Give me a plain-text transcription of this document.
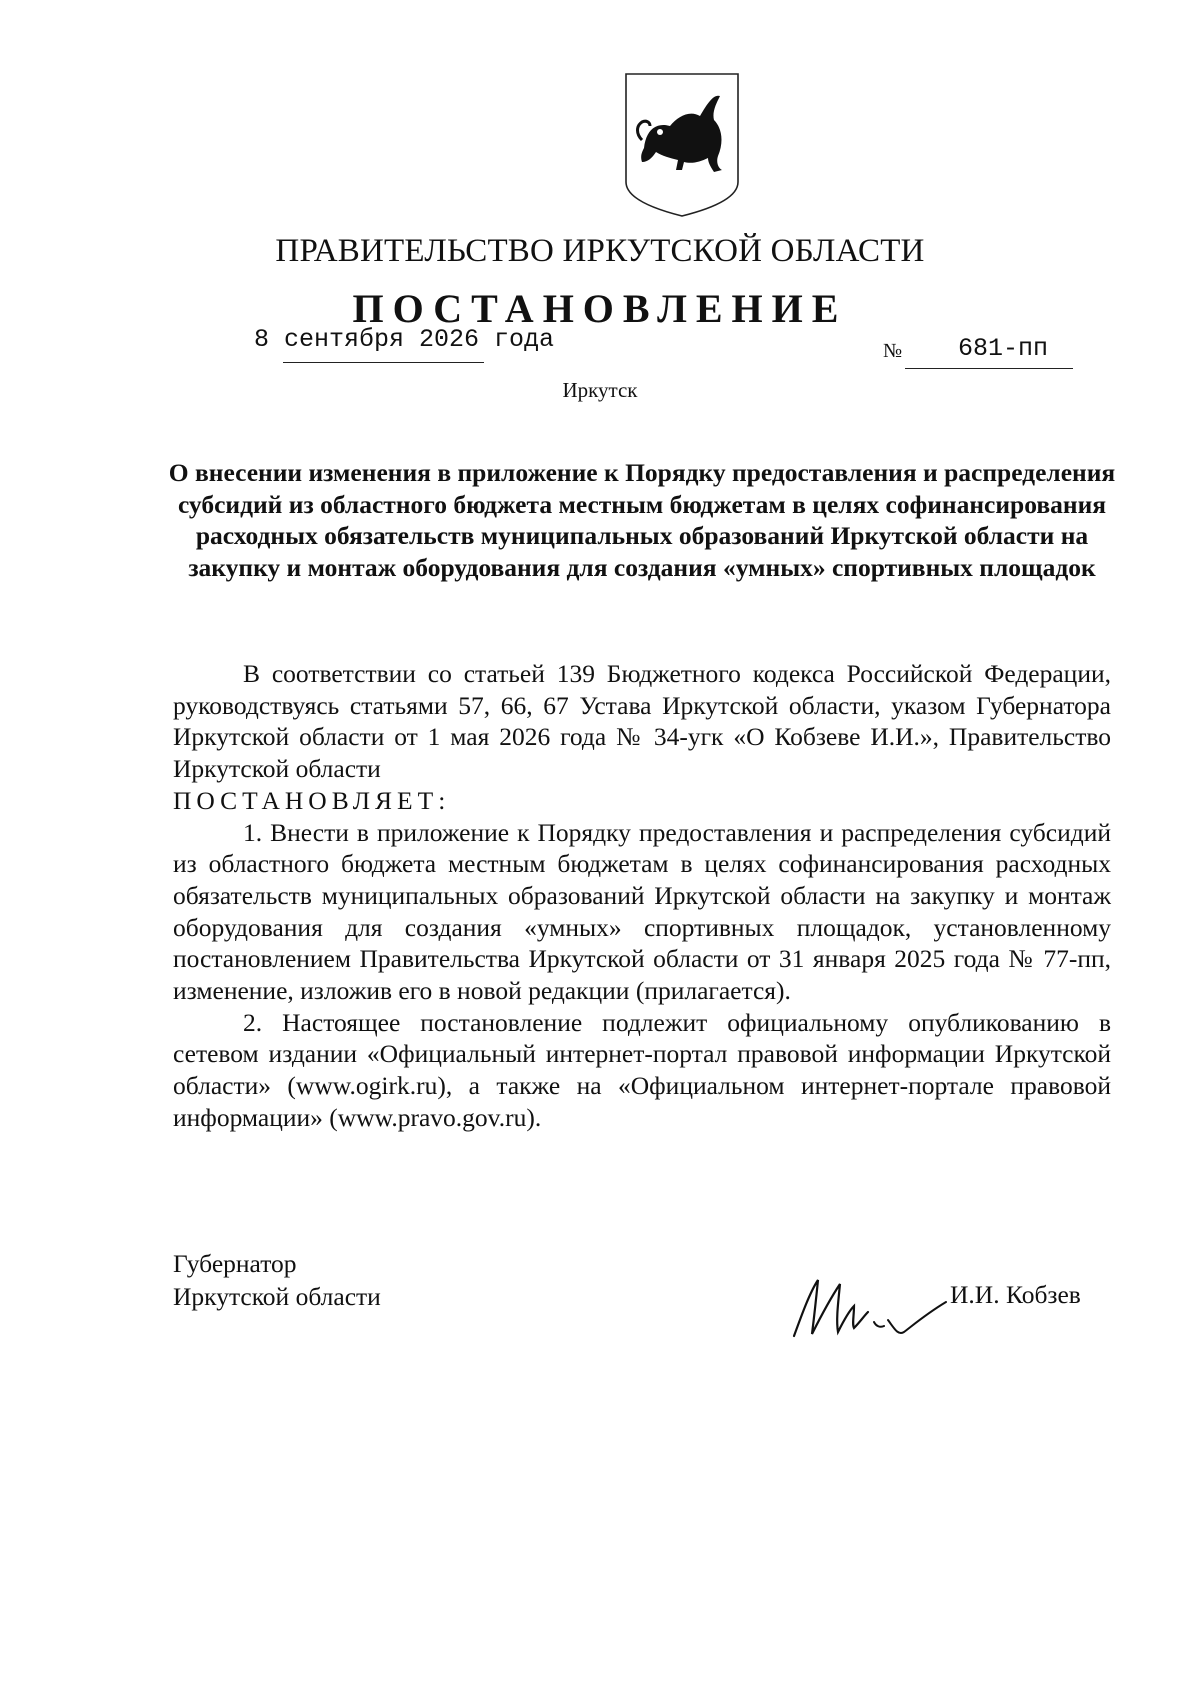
ПРАВИТЕЛЬСТВО ИРКУТСКОЙ ОБЛАСТИ
ПОСТАНОВЛЕНИЕ
8 сентября 2026 года	№ 681-пп
Иркутск
О внесении изменения в приложение к Порядку предоставления и распределения субсидий из областного бюджета местным бюджетам в целях софинансирования расходных обязательств муниципальных образований Иркутской области на закупку и монтаж оборудования для создания «умных» спортивных площадок

В соответствии со статьей 139 Бюджетного кодекса Российской Федерации, руководствуясь статьями 57, 66, 67 Устава Иркутской области, указом Губернатора Иркутской области от 1 мая 2026 года № 34-угк «О Кобзеве И.И.», Правительство Иркутской области

ПОСТАНОВЛЯЕТ:

1. Внести в приложение к Порядку предоставления и распределения субсидий из областного бюджета местным бюджетам в целях софинансирования расходных обязательств муниципальных образований Иркутской области на закупку и монтаж оборудования для создания «умных» спортивных площадок, установленному постановлением Правительства Иркутской области от 31 января 2025 года № 77-пп, изменение, изложив его в новой редакции (прилагается).

2. Настоящее постановление подлежит официальному опубликованию в сетевом издании «Официальный интернет-портал правовой информации Иркутской области» (www.ogirk.ru), а также на «Официальном интернет-портале правовой информации» (www.pravo.gov.ru).

Губернатор
Иркутской области	И.И. Кобзев
